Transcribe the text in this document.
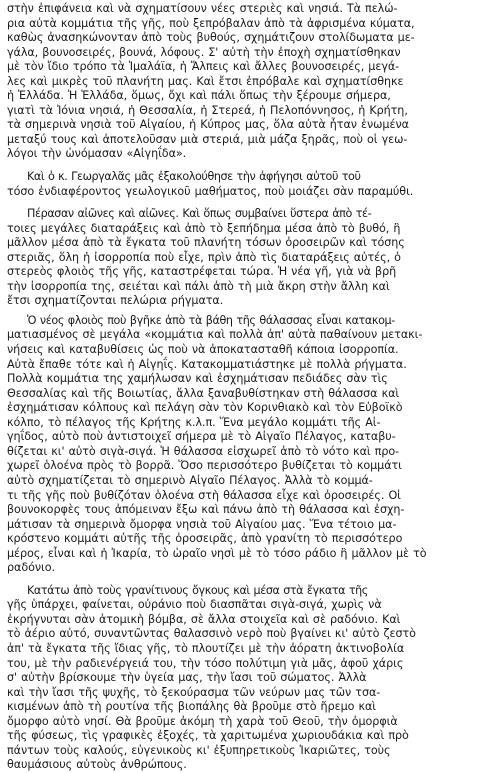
στὴν ἐπιφάνεια καὶ νὰ σχηματίσουν νέες στεριὲς καὶ νησιά. Τὰ πελώ-
ρια αὐτὰ κομμάτια τῆς γῆς, ποὺ ξεπρόβαλαν ἀπὸ τὰ ἀφρισμένα κύματα,
καθὼς ἀνασηκώνονταν ἀπὸ τοὺς βυθούς, σχημάτιζουν στολίδωματα με-
γάλα, βουνοσειρές, βουνά, λόφους. Σ' αὐτὴ τὴν ἐποχὴ σχηματίσθηκαν
μὲ τὸν ἴδιο τρόπο τὰ Ἱμαλάϊα, ἡ Ἄλπεις καὶ ἄλλες βουνοσειρές, μεγά-
λες καὶ μικρὲς τοῦ πλανήτη μας. Καὶ ἔτσι ἐπρόβαλε καὶ σχηματίσθηκε
ἡ Ἑλλάδα. Ἡ Ἑλλάδα, ὅμως, ὄχι καὶ πάλι ὅπως τὴν ξέρουμε σήμερα,
γιατὶ τὰ Ἰόνια νησιά, ἡ Θεσσαλία, ἡ Στερεά, ἡ Πελοπόννησος, ἡ Κρήτη,
τὰ σημερινὰ νησιὰ τοῦ Αἰγαίου, ἡ Κύπρος μας, ὅλα αὐτὰ ἦταν ἑνωμένα
μεταξύ τους καὶ ἀποτελοῦσαν μιὰ στεριά, μιὰ μάζα ξηρᾶς, ποὺ οἱ γεω-
λόγοι τὴν ὠνόμασαν «Αἰγηΐδα».
Καὶ ὁ κ. Γεωργαλᾶς μᾶς ἐξακολούθησε τὴν ἀφήγησι αὐτοῦ τοῦ
τόσο ἐνδιαφέροντος γεωλογικοῦ μαθήματος, ποὺ μοιάζει σὰν παραμύθι.
Πέρασαν αἰῶνες καὶ αἰῶνες. Καὶ ὅπως συμβαίνει ὕστερα ἀπὸ τέ-
τοιες μεγάλες διαταράξεις καὶ ἀπὸ τὸ ξεπήδημα μέσα ἀπὸ τὸ βυθό, ἢ
μᾶλλον μέσα ἀπὸ τὰ ἔγκατα τοῦ πλανήτη τόσων ὀροσειρῶν καὶ τόσης
στεριᾶς, ὅλη ἡ ἰσορροπία ποὺ εἶχε, πρὶν ἀπὸ τὶς διαταράξεις αὐτές, ὁ
στερεὸς φλοιὸς τῆς γῆς, καταστρέφεται τώρα. Ἡ νέα γῆ, γιὰ νὰ βρῆ
τὴν ἰσορροπία της, σειέται καὶ πάλι ἀπὸ τὴ μιὰ ἄκρη στὴν ἄλλη καὶ
ἔτσι σχηματίζονται πελώρια ρήγματα.
Ὁ νέος φλοιὸς ποὺ βγῆκε ἀπὸ τὰ βάθη τῆς θάλασσας εἶναι κατακομ-
ματιασμένος σὲ μεγάλα «κομμάτια καὶ πολλὰ ἀπ' αὐτὰ παθαίνουν μετακι-
νήσεις καὶ καταβυθίσεις ὡς ποὺ νὰ ἀποκατασταθῆ κάποια ἰσορροπία.
Αὐτὰ ἔπαθε τότε καὶ ἡ Αἰγηΐς. Κατακομματιάστηκε μὲ πολλὰ ρήγματα.
Πολλὰ κομμάτια της χαμήλωσαν καὶ ἐσχημάτισαν πεδιάδες σὰν τὶς
Θεσσαλίας καὶ τῆς Βοιωτίας, ἄλλα ξαναβυθίστηκαν στὴ θάλασσα καὶ
ἐσχημάτισαν κόλπους καὶ πελάγη σὰν τὸν Κορινθιακὸ καὶ τὸν Εὐβοϊκὸ
κόλπο, τὸ πέλαγος τῆς Κρήτης κ.λ.π. Ἕνα μεγάλο κομμάτι τῆς Αἰ-
γηΐδος, αὐτὸ ποὺ ἀντιστοιχεῖ σήμερα μὲ τὸ Αἰγαῖο Πέλαγος, καταβυ-
θίζεται κι' αὐτὸ σιγὰ-σιγά. Ἡ θάλασσα εἰσχωρεῖ ἀπὸ τὸ νότο καὶ προ-
χωρεῖ ὁλοένα πρὸς τὸ βορρᾶ. Ὅσο περισσότερο βυθίζεται τὸ κομμάτι
αὐτὸ σχηματίζεται τὸ σημερινὸ Αἰγαῖο Πέλαγος. Ἀλλὰ τὸ κομμά-
τι τῆς γῆς ποὺ βυθίζόταν ὁλοένα στὴ θάλασσα εἶχε καὶ ὀροσειρές. Οἱ
βουνοκορφὲς τους ἀπόμειναν ἔξω καὶ πάνω ἀπὸ τὴ θάλασσα καὶ ἐσχη-
μάτισαν τὰ σημερινὰ ὄμορφα νησιὰ τοῦ Αἰγαίου μας. Ἕνα τέτοιο μα-
κρόστενο κομμάτι αὐτῆς τῆς ὀροσειρᾶς, ἀπὸ γρανίτη τὸ περισσότερο
μέρος, εἶναι καὶ ἡ Ἰκαρία, τὸ ὡραῖο νησὶ μὲ τὸ τόσο ράδιο ἢ μᾶλλον μὲ τὸ
ραδόνιο.
Κατάτω ἀπὸ τοὺς γρανίτινους ὄγκους καὶ μέσα στὰ ἔγκατα τῆς
γῆς ὑπάρχει, φαίνεται, οὐράνιο ποὺ διασπᾶται σιγὰ-σιγά, χωρὶς νὰ
ἐκρήγνυται σὰν ἀτομικὴ βόμβα, σὲ ἄλλα στοιχεῖα καὶ σὲ ραδόνιο. Καὶ
τὸ ἀέριο αὐτό, συναντῶντας θαλασσινὸ νερὸ ποὺ βγαίνει κι' αὐτὸ ζεστὸ
ἀπ' τὰ ἔγκατα τῆς ἴδιας γῆς, τὸ πλουτίζει μὲ τὴν ἀόρατη ἀκτινοβολία
του, μὲ τὴν ραδιενέργειά του, τὴν τόσο πολύτιμη γιὰ μᾶς, ἀφοῦ χάρις
σ' αὐτὴν βρίσκουμε τὴν ὑγεία μας, τὴν ἴασι τοῦ σώματος. Ἀλλὰ
καὶ τὴν ἴασι τῆς ψυχῆς, τὸ ξεκούρασμα τῶν νεύρων μας τῶν τσα-
κισμένων ἀπὸ τὴ ρουτίνα τῆς βιοπάλης θὰ βροῦμε στὸ ἤρεμο καὶ
ὄμορφο αὐτὸ νησί. Θὰ βροῦμε ἀκόμη τὴ χαρὰ τοῦ Θεοῦ, τὴν ὀμορφιὰ
τῆς φύσεως, τὶς γραφικὲς ἐξοχές, τὰ χαριτωμένα χωριουδάκια καὶ πρὸ
πάντων τοὺς καλούς, εὐγενικοὺς κι' ἐξυπηρετικοὺς Ἰκαριῶτες, τοὺς
θαυμάσιους αὐτοὺς ἀνθρώπους.
